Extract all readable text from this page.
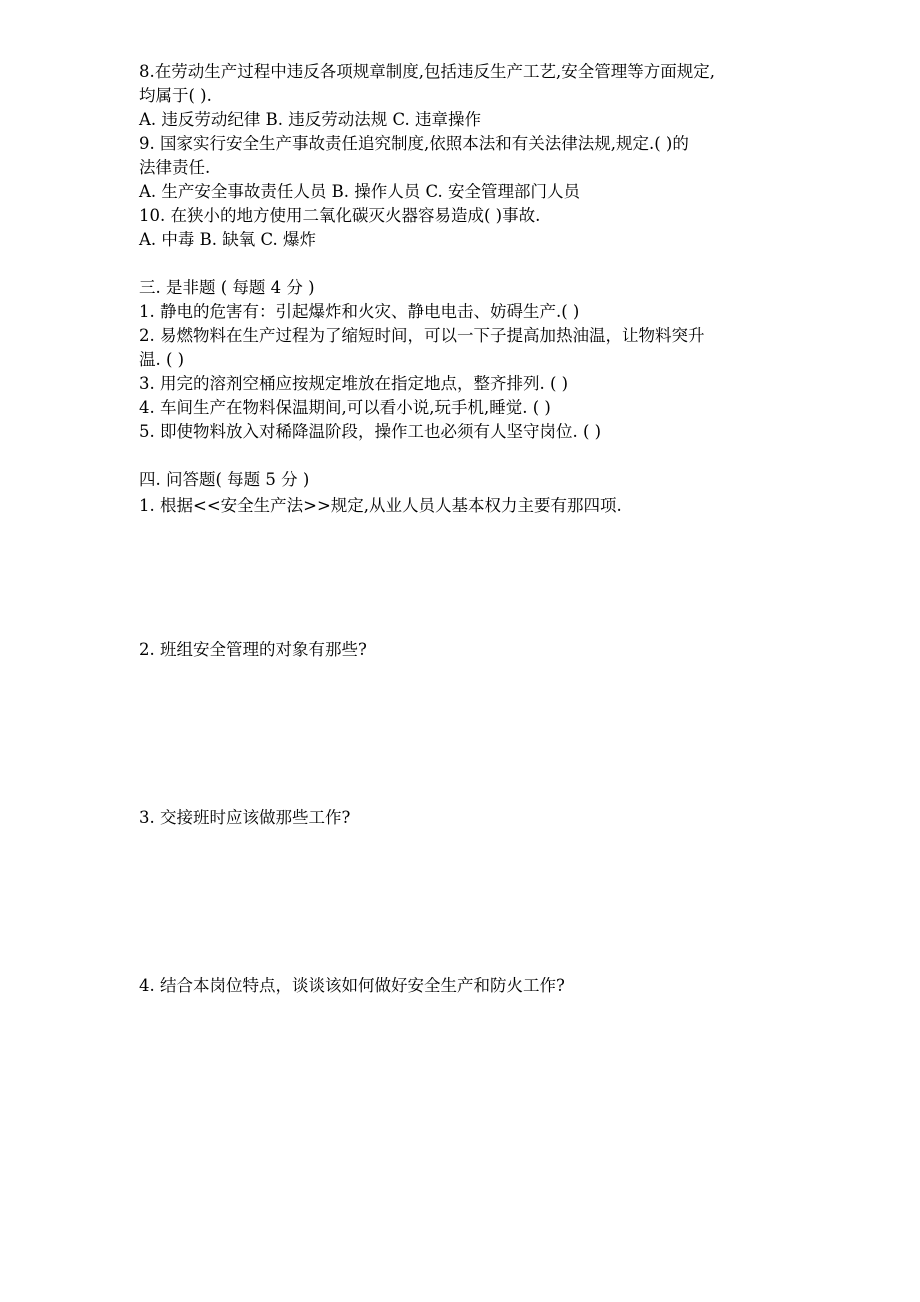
8.在劳动生产过程中违反各项规章制度,包括违反生产工艺,安全管理等方面规定,

均属于( ).

A. 违反劳动纪律 B. 违反劳动法规 C. 违章操作

9. 国家实行安全生产事故责任追究制度,依照本法和有关法律法规,规定.( )的

法律责任.

A. 生产安全事故责任人员 B. 操作人员 C. 安全管理部门人员

10. 在狭小的地方使用二氧化碳灭火器容易造成( )事故.

A. 中毒 B. 缺氧 C. 爆炸

三. 是非题 ( 每题 4 分 )

1. 静电的危害有：引起爆炸和火灾、静电电击、妨碍生产.( )

2. 易燃物料在生产过程为了缩短时间，可以一下子提高加热油温，让物料突升

温. ( )

3. 用完的溶剂空桶应按规定堆放在指定地点，整齐排列. ( )

4. 车间生产在物料保温期间,可以看小说,玩手机,睡觉. ( )

5. 即使物料放入对稀降温阶段，操作工也必须有人坚守岗位. ( )

四. 问答题( 每题 5 分 )

1. 根据<<安全生产法>>规定,从业人员人基本权力主要有那四项.

2. 班组安全管理的对象有那些?

3. 交接班时应该做那些工作?

4. 结合本岗位特点，谈谈该如何做好安全生产和防火工作?
